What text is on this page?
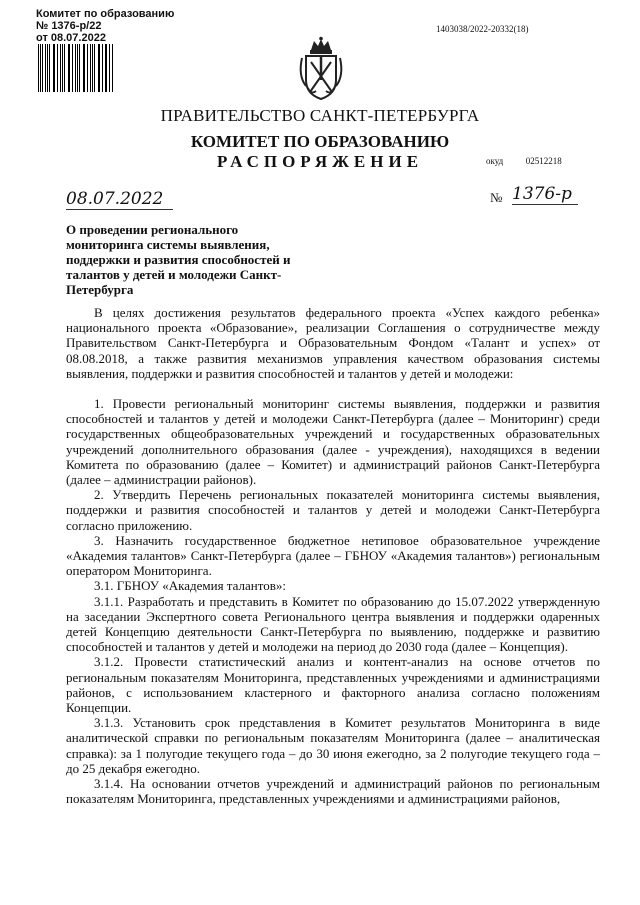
Комитет по образованию
№ 1376-р/22
от 08.07.2022
1403038/2022-20332(18)
ПРАВИТЕЛЬСТВО САНКТ-ПЕТЕРБУРГА
КОМИТЕТ ПО ОБРАЗОВАНИЮ
РАСПОРЯЖЕНИЕ	окуд	02512218
08.07.2022	№ 1376-р
О проведении регионального мониторинга системы выявления, поддержки и развития способностей и талантов у детей и молодежи Санкт-Петербурга

В целях достижения результатов федерального проекта «Успех каждого ребенка» национального проекта «Образование», реализации Соглашения о сотрудничестве между Правительством Санкт-Петербурга и Образовательным Фондом «Талант и успех» от 08.08.2018, а также развития механизмов управления качеством образования системы выявления, поддержки и развития способностей и талантов у детей и молодежи:

1. Провести региональный мониторинг системы выявления, поддержки и развития способностей и талантов у детей и молодежи Санкт-Петербурга (далее – Мониторинг) среди государственных общеобразовательных учреждений и государственных образовательных учреждений дополнительного образования (далее - учреждения), находящихся в ведении Комитета по образованию (далее – Комитет) и администраций районов Санкт-Петербурга (далее – администрации районов).

2. Утвердить Перечень региональных показателей мониторинга системы выявления, поддержки и развития способностей и талантов у детей и молодежи Санкт-Петербурга согласно приложению.

3. Назначить государственное бюджетное нетиповое образовательное учреждение «Академия талантов» Санкт-Петербурга (далее – ГБНОУ «Академия талантов») региональным оператором Мониторинга.

3.1. ГБНОУ «Академия талантов»:

3.1.1. Разработать и представить в Комитет по образованию до 15.07.2022 утвержденную на заседании Экспертного совета Регионального центра выявления и поддержки одаренных детей Концепцию деятельности Санкт-Петербурга по выявлению, поддержке и развитию способностей и талантов у детей и молодежи на период до 2030 года (далее – Концепция).

3.1.2. Провести статистический анализ и контент-анализ на основе отчетов по региональным показателям Мониторинга, представленных учреждениями и администрациями районов, с использованием кластерного и факторного анализа согласно положениям Концепции.

3.1.3. Установить срок представления в Комитет результатов Мониторинга в виде аналитической справки по региональным показателям Мониторинга (далее – аналитическая справка): за 1 полугодие текущего года – до 30 июня ежегодно, за 2 полугодие текущего года – до 25 декабря ежегодно.

3.1.4. На основании отчетов учреждений и администраций районов по региональным показателям Мониторинга, представленных учреждениями и администрациями районов,
